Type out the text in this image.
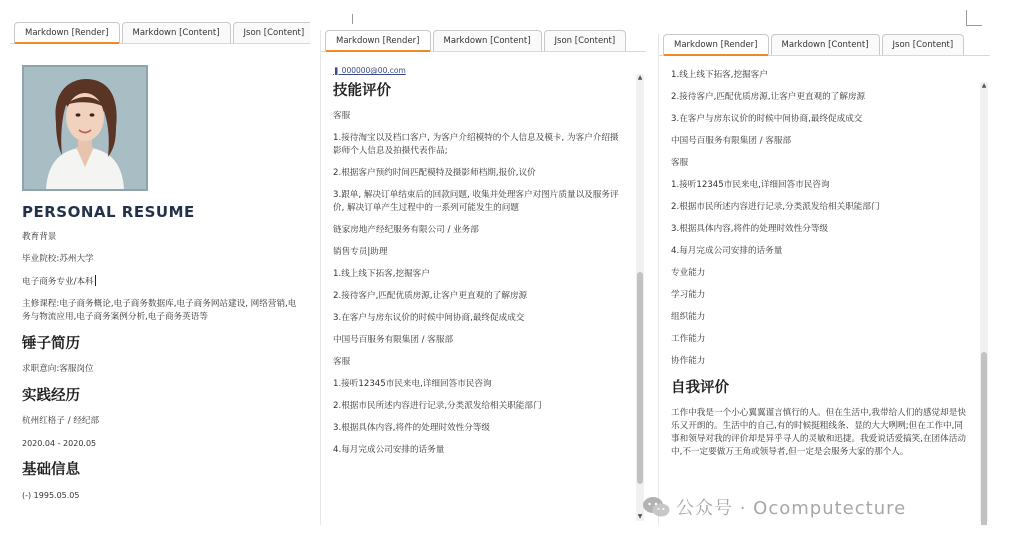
Markdown [Render]	Markdown [Content]	Json [Content]
PERSONAL RESUME
教育背景
毕业院校:苏州大学
电子商务专业/本科
主修课程:电子商务概论,电子商务数据库,电子商务网站建设, 网络营销,电务与物流应用,电子商务案例分析,电子商务英语等
锤子简历
求职意向:客服岗位
实践经历
杭州红格子 / 经纪部
2020.04 - 2020.05
基础信息
(-) 1995.05.05
Markdown [Render]	Markdown [Content]	Json [Content]
❚ 000000@00.com
技能评价
客服
1.接待淘宝以及档口客户, 为客户介绍模特的个人信息及模卡, 为客户介绍摄影师个人信息及拍摄代表作品;
2.根据客户预约时间匹配模特及摄影师档期,报价,议价
3.跟单, 解决订单结束后的回款问题, 收集并处理客户对图片质量以及服务评价, 解决订单产生过程中的一系列可能发生的问题
链家房地产经纪服务有限公司 / 业务部
销售专员|助理
1.线上线下拓客,挖掘客户
2.接待客户,匹配优质房源,让客户更直观的了解房源
3.在客户与房东议价的时候中间协商,最终促成成交
中国号百服务有限集团 / 客服部
客服
1.接听12345市民来电,详细回答市民咨询
2.根据市民所述内容进行记录,分类派发给相关职能部门
3.根据具体内容,将件的处理时效性分等级
4.每月完成公司安排的话务量
▲
▼
Markdown [Render]	Markdown [Content]	Json [Content]
1.线上线下拓客,挖掘客户
2.接待客户,匹配优质房源,让客户更直观的了解房源
3.在客户与房东议价的时候中间协商,最终促成成交
中国号百服务有限集团 / 客服部
客服
1.接听12345市民来电,详细回答市民咨询
2.根据市民所述内容进行记录,分类派发给相关职能部门
3.根据具体内容,将件的处理时效性分等级
4.每月完成公司安排的话务量
专业能力
学习能力
组织能力
工作能力
协作能力
自我评价
工作中我是一个小心翼翼谨言慎行的人。但在生活中,我带给人们的感觉却是快乐又开朗的。生活中的自己,有的时候挺粗线条、显的大大咧咧;但在工作中,同事和领导对我的评价却是异乎寻人的灵敏和迅捷。我爱说话爱搞笑,在团体活动中,不一定要做万王角或领导者,但一定是会服务大家的那个人。
▲
公众号 · Ocomputecture
